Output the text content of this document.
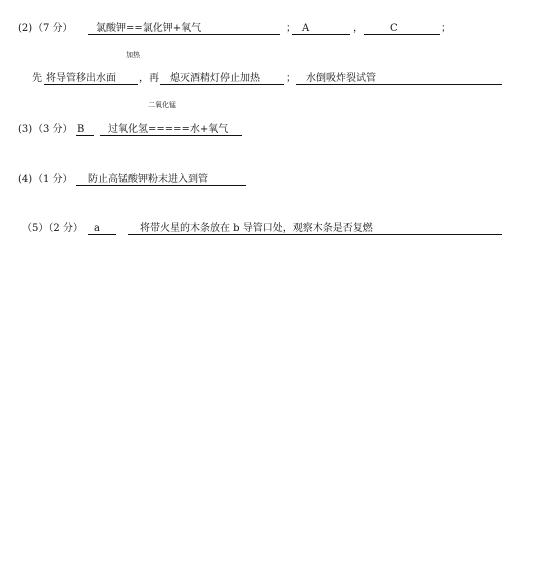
(2) （7 分）	氯酸钾==氯化钾+氧气	； A	，	C	；
加热
先 将导管移出水面	，再	熄灭酒精灯停止加热	；	水倒吸炸裂试管
二氧化锰
(3) （3 分） B	过氧化氢=====水+氧气
(4) （1 分）	防止高锰酸钾粉末进入到管
（5）（2 分）	a	将带火星的木条放在 b 导管口处，观察木条是否复燃
